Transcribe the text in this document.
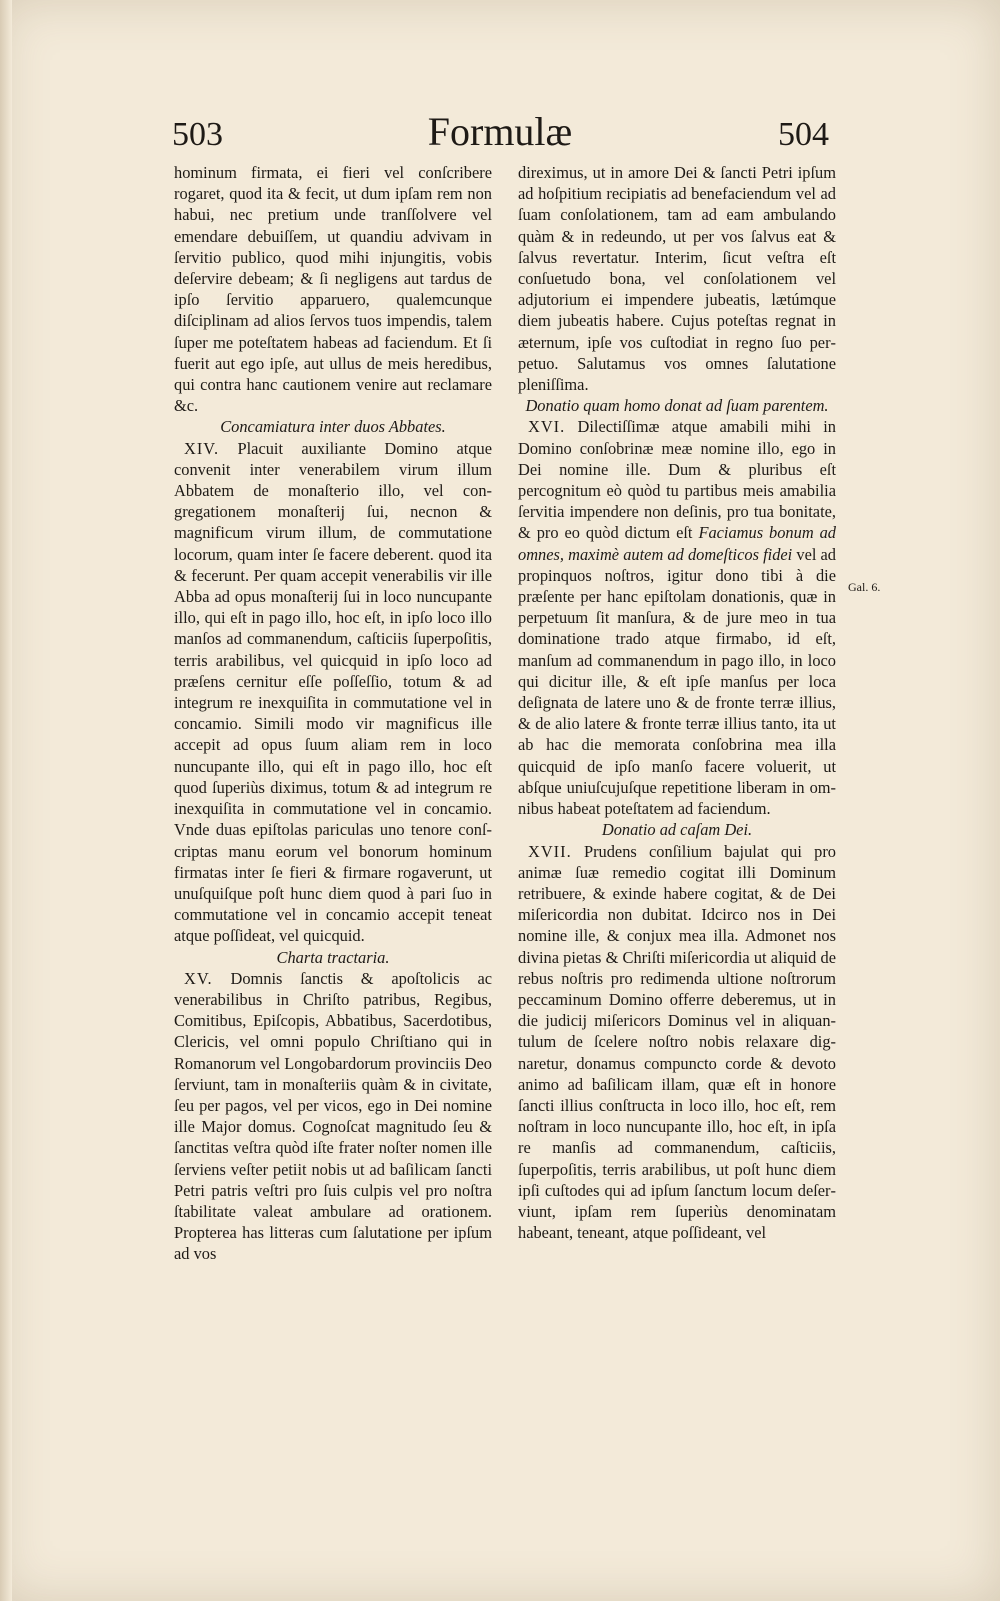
503	Formulæ	504

hominum firmata, ei fieri vel conſcribere rogaret, quod ita & fecit, ut dum ipſam rem non habui, nec pretium unde tranſſolvere vel emendare debuiſſem, ut quandiu advivam in ſervitio publico, quod mihi injungitis, vobis deſervire debeam; & ſi negligens aut tardus de ipſo ſervitio apparuero, qualemcunque diſciplinam ad alios ſervos tuos impendis, talem ſuper me poteſtatem habeas ad faciendum. Et ſi fuerit aut ego ipſe, aut ullus de meis heredibus, qui contra hanc cautionem venire aut reclamare &c.

Concamiatura inter duos Abbates.

XIV. Placuit auxiliante Domino atque convenit inter venerabilem virum illum Abbatem de monaſterio illo, vel congregationem monaſterij ſui, necnon & magnificum virum illum, de commutatione locorum, quam inter ſe facere deberent. quod ita & fecerunt. Per quam accepit venerabilis vir ille Abba ad opus monaſterij ſui in loco nuncupante illo, qui eſt in pago illo, hoc eſt, in ipſo loco illo manſos ad commanendum, caſticiis ſuperpoſitis, terris arabilibus, vel quicquid in ipſo loco ad præſens cernitur eſſe poſſeſſio, totum & ad integrum re inexquiſita in commutatione vel in concamio. Simili modo vir magnificus ille accepit ad opus ſuum aliam rem in loco nuncupante illo, qui eſt in pago illo, hoc eſt quod ſuperiùs diximus, totum & ad integrum re inexquiſita in commutatione vel in concamio. Vnde duas epiſtolas pariculas uno tenore conſcriptas manu eorum vel bonorum hominum firmatas inter ſe fieri & firmare rogaverunt, ut unuſquiſque poſt hunc diem quod à pari ſuo in commutatione vel in concamio accepit teneat atque poſſideat, vel quicquid.

Charta tractaria.

XV. Domnis ſanctis & apoſtolicis ac venerabilibus in Chriſto patribus, Regibus, Comitibus, Epiſcopis, Abbatibus, Sacerdotibus, Clericis, vel omni populo Chriſtiano qui in Romanorum vel Longobardorum provinciis Deo ſerviunt, tam in monaſteriis quàm & in civitate, ſeu per pagos, vel per vicos, ego in Dei nomine ille Major domus. Cognoſcat magnitudo ſeu & ſanctitas veſtra quòd iſte frater noſter nomen ille ſerviens veſter petiit nobis ut ad baſilicam ſancti Petri patris veſtri pro ſuis culpis vel pro noſtra ſtabilitate valeat ambulare ad orationem. Propterea has litteras cum ſalutatione per ipſum ad vos

direximus, ut in amore Dei & ſancti Petri ipſum ad hoſpitium recipiatis ad benefaciendum vel ad ſuam conſolationem, tam ad eam ambulando quàm & in redeundo, ut per vos ſalvus eat & ſalvus revertatur. Interim, ſicut veſtra eſt conſuetudo bona, vel conſolationem vel adjutorium ei impendere jubeatis, lætúmque diem jubeatis habere. Cujus poteſtas regnat in æternum, ipſe vos cuſtodiat in regno ſuo perpetuo. Salutamus vos omnes ſalutatione pleniſſima.

Donatio quam homo donat ad ſuam parentem.

XVI. Dilectiſſimæ atque amabili mihi in Domino conſobrinæ meæ nomine illo, ego in Dei nomine ille. Dum & pluribus eſt percognitum eò quòd tu partibus meis amabilia ſervitia impendere non deſinis, pro tua bonitate, & pro eo quòd dictum eſt Faciamus bonum ad omnes, maximè autem ad domeſticos fidei vel ad propinquos noſtros, igitur dono tibi à die præſente per hanc epiſtolam donationis, quæ in perpetuum ſit manſura, & de jure meo in tua dominatione trado atque firmabo, id eſt, manſum ad commanendum in pago illo, in loco qui dicitur ille, & eſt ipſe manſus per loca deſignata de latere uno & de fronte terræ illius, & de alio latere & fronte terræ illius tanto, ita ut ab hac die memorata conſobrina mea illa quicquid de ipſo manſo facere voluerit, ut abſque uniuſcujuſque repetitione liberam in omnibus habeat poteſtatem ad faciendum.

Donatio ad caſam Dei.

XVII. Prudens conſilium bajulat qui pro animæ ſuæ remedio cogitat illi Dominum retribuere, & exinde habere cogitat, & de Dei miſericordia non dubitat. Idcirco nos in Dei nomine ille, & conjux mea illa. Admonet nos divina pietas & Chriſti miſericordia ut aliquid de rebus noſtris pro redimenda ultione noſtrorum peccaminum Domino offerre deberemus, ut in die judicij miſericors Dominus vel in aliquantulum de ſcelere noſtro nobis relaxare dignaretur, donamus compuncto corde & devoto animo ad baſilicam illam, quæ eſt in honore ſancti illius conſtructa in loco illo, hoc eſt, rem noſtram in loco nuncupante illo, hoc eſt, in ipſa re manſis ad commanendum, caſticiis, ſuperpoſitis, terris arabilibus, ut poſt hunc diem ipſi cuſtodes qui ad ipſum ſanctum locum deſerviunt, ipſam rem ſuperiùs denominatam habeant, teneant, atque poſſideant, vel

Gal. 6.
